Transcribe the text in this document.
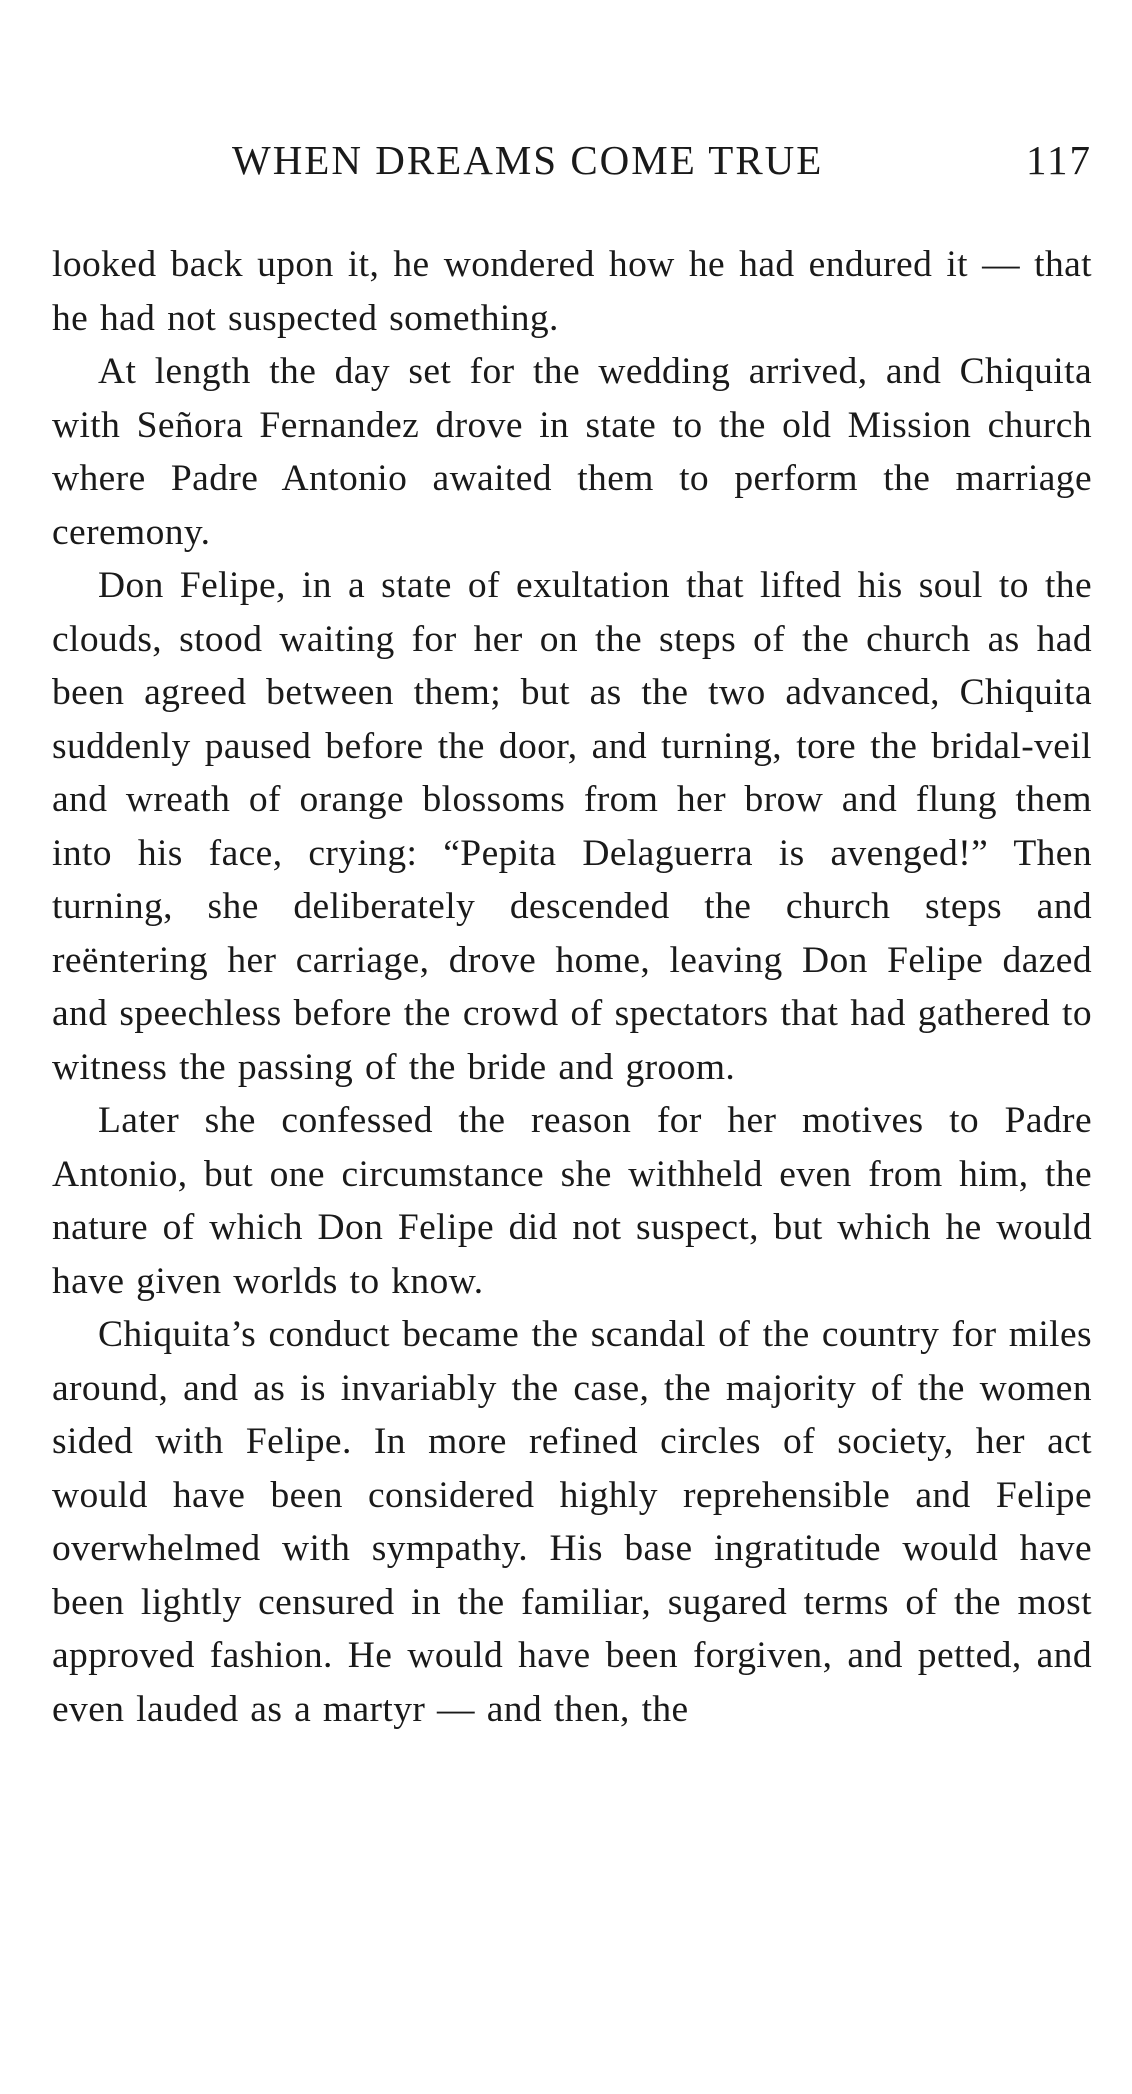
WHEN DREAMS COME TRUE	117

looked back upon it, he wondered how he had endured it — that he had not suspected something.

At length the day set for the wedding arrived, and Chiquita with Señora Fernandez drove in state to the old Mission church where Padre Antonio awaited them to perform the marriage ceremony.

Don Felipe, in a state of exultation that lifted his soul to the clouds, stood waiting for her on the steps of the church as had been agreed between them; but as the two advanced, Chiquita suddenly paused before the door, and turning, tore the bridal-veil and wreath of orange blossoms from her brow and flung them into his face, crying: “Pepita Delaguerra is avenged!” Then turning, she deliberately descended the church steps and reëntering her carriage, drove home, leaving Don Felipe dazed and speechless before the crowd of spectators that had gathered to witness the passing of the bride and groom.

Later she confessed the reason for her motives to Padre Antonio, but one circumstance she withheld even from him, the nature of which Don Felipe did not suspect, but which he would have given worlds to know.

Chiquita’s conduct became the scandal of the country for miles around, and as is invariably the case, the majority of the women sided with Felipe. In more refined circles of society, her act would have been considered highly reprehensible and Felipe overwhelmed with sympathy. His base ingratitude would have been lightly censured in the familiar, sugared terms of the most approved fashion. He would have been forgiven, and petted, and even lauded as a martyr — and then, the
